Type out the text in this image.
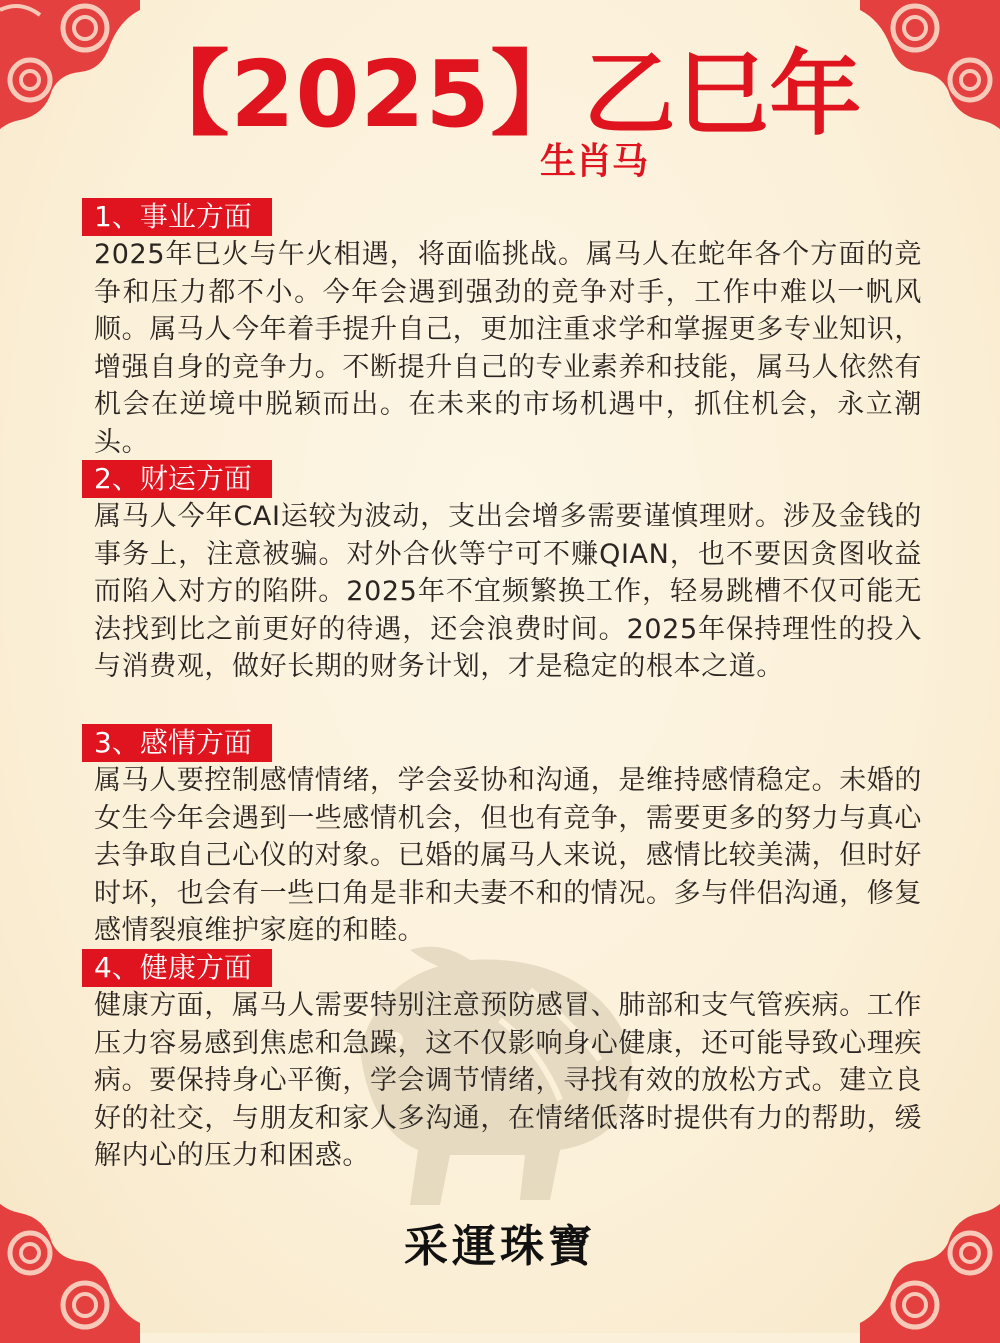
【2025】乙巳年
生肖马
1、事业方面

2025年巳火与午火相遇，将面临挑战。属马人在蛇年各个方面的竞争和压力都不小。今年会遇到强劲的竞争对手，工作中难以一帆风顺。属马人今年着手提升自己，更加注重求学和掌握更多专业知识，增强自身的竞争力。不断提升自己的专业素养和技能，属马人依然有机会在逆境中脱颖而出。在未来的市场机遇中，抓住机会，永立潮头。

2、财运方面

属马人今年CAI运较为波动，支出会增多需要谨慎理财。涉及金钱的事务上，注意被骗。对外合伙等宁可不赚QIAN，也不要因贪图收益而陷入对方的陷阱。2025年不宜频繁换工作，轻易跳槽不仅可能无法找到比之前更好的待遇，还会浪费时间。2025年保持理性的投入与消费观，做好长期的财务计划，才是稳定的根本之道。

3、感情方面

属马人要控制感情情绪，学会妥协和沟通，是维持感情稳定。未婚的女生今年会遇到一些感情机会，但也有竞争，需要更多的努力与真心去争取自己心仪的对象。已婚的属马人来说，感情比较美满，但时好时坏，也会有一些口角是非和夫妻不和的情况。多与伴侣沟通，修复感情裂痕维护家庭的和睦。

4、健康方面

健康方面，属马人需要特别注意预防感冒、肺部和支气管疾病。工作压力容易感到焦虑和急躁，这不仅影响身心健康，还可能导致心理疾病。要保持身心平衡，学会调节情绪，寻找有效的放松方式。建立良好的社交，与朋友和家人多沟通，在情绪低落时提供有力的帮助，缓解内心的压力和困惑。

采運珠寶
